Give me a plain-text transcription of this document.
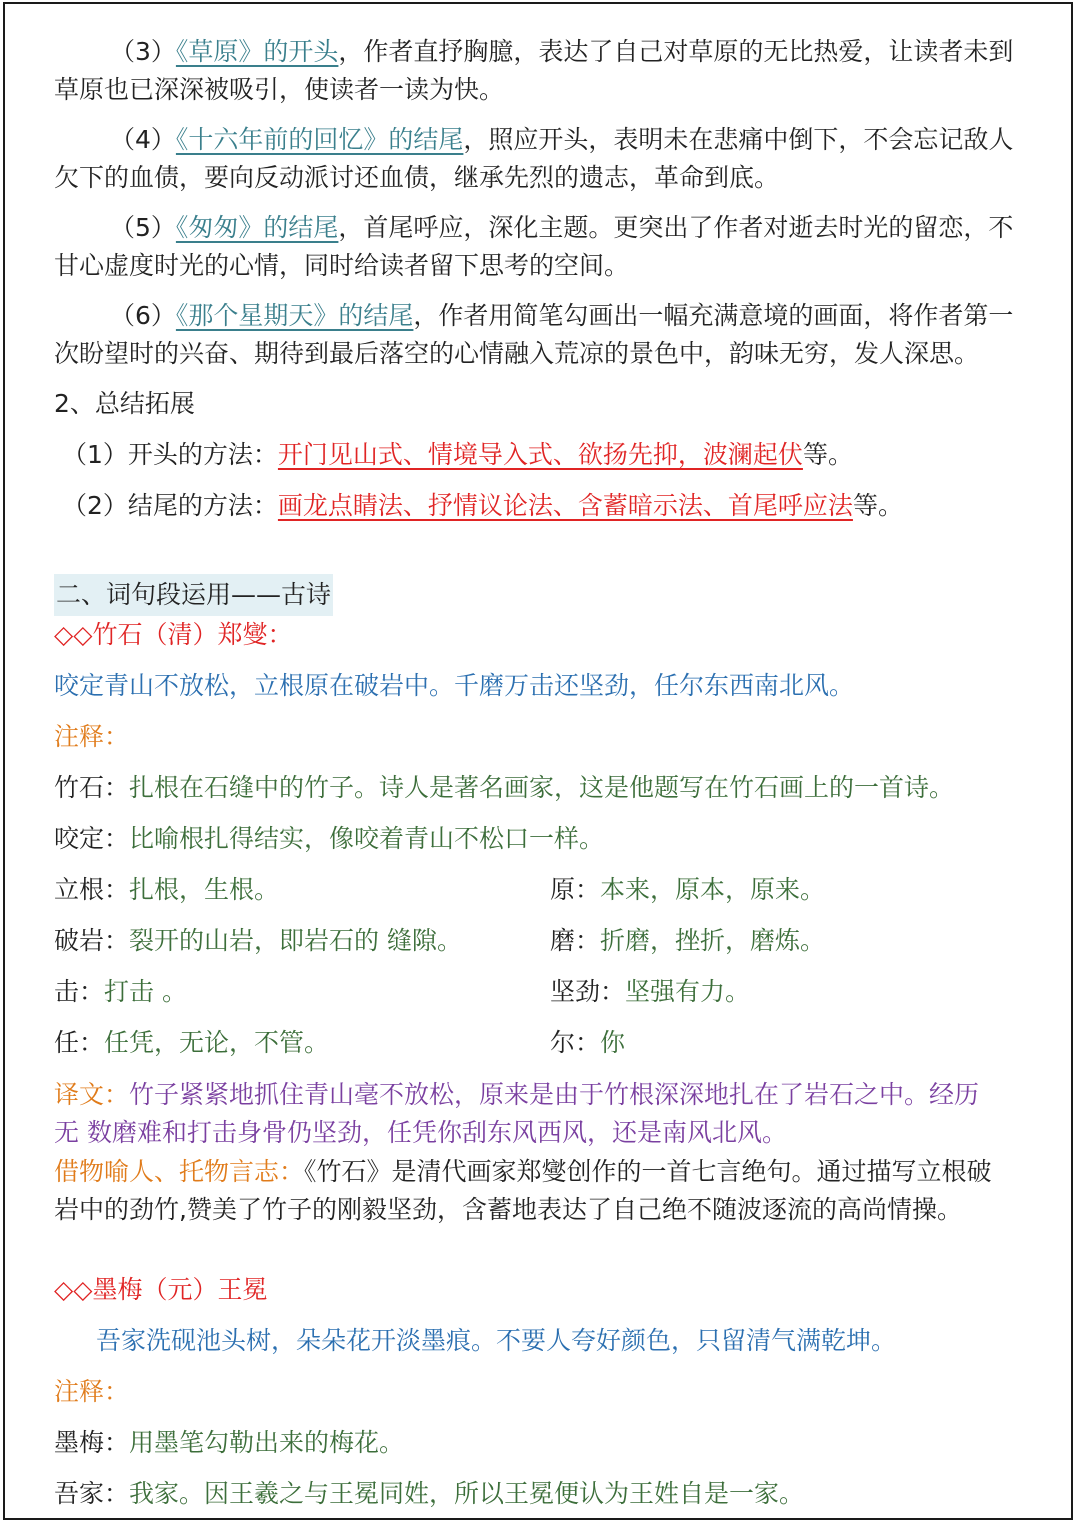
（3）《草原》的开头，作者直抒胸臆，表达了自己对草原的无比热爱，让读者未到草原也已深深被吸引，使读者一读为快。

（4）《十六年前的回忆》的结尾，照应开头，表明未在悲痛中倒下，不会忘记敌人欠下的血债，要向反动派讨还血债，继承先烈的遗志，革命到底。

（5）《匆匆》的结尾，首尾呼应，深化主题。更突出了作者对逝去时光的留恋，不甘心虚度时光的心情，同时给读者留下思考的空间。

（6）《那个星期天》的结尾，作者用简笔勾画出一幅充满意境的画面，将作者第一次盼望时的兴奋、期待到最后落空的心情融入荒凉的景色中，韵味无穷，发人深思。

2、总结拓展

（1）开头的方法：开门见山式、情境导入式、欲扬先抑，波澜起伏等。

（2）结尾的方法：画龙点睛法、抒情议论法、含蓄暗示法、首尾呼应法等。

二、词句段运用——古诗

◇◇竹石（清）郑燮：

咬定青山不放松，立根原在破岩中。千磨万击还坚劲，任尔东西南北风。

注释：

竹石：扎根在石缝中的竹子。诗人是著名画家，这是他题写在竹石画上的一首诗。

咬定：比喻根扎得结实，像咬着青山不松口一样。

立根：扎根，生根。	原：本来，原本，原来。

破岩：裂开的山岩，即岩石的 缝隙。	磨：折磨，挫折，磨炼。

击：打击 。	坚劲：坚强有力。

任：任凭，无论，不管。	尔：你

译文：竹子紧紧地抓住青山毫不放松，原来是由于竹根深深地扎在了岩石之中。经历无 数磨难和打击身骨仍坚劲，任凭你刮东风西风，还是南风北风。

借物喻人、托物言志：《竹石》是清代画家郑燮创作的一首七言绝句。通过描写立根破 岩中的劲竹,赞美了竹子的刚毅坚劲，含蓄地表达了自己绝不随波逐流的高尚情操。

◇◇墨梅（元）王冕

吾家洗砚池头树，朵朵花开淡墨痕。不要人夸好颜色，只留清气满乾坤。

注释：

墨梅：用墨笔勾勒出来的梅花。

吾家：我家。因王羲之与王冕同姓，所以王冕便认为王姓自是一家。
